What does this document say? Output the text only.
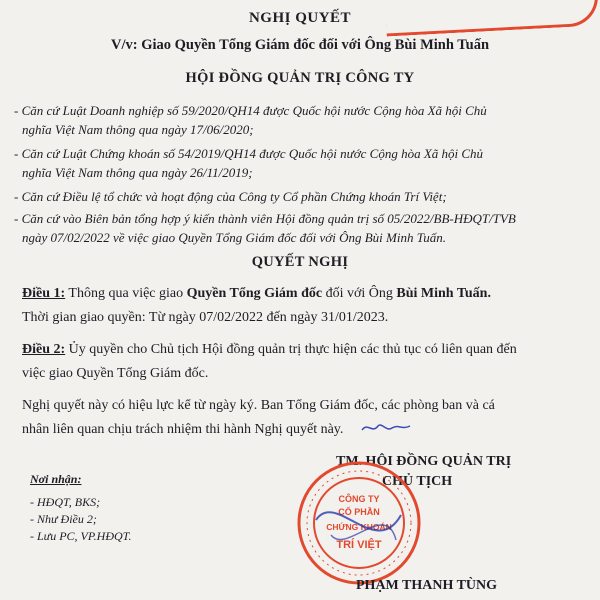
NGHỊ QUYẾT
V/v: Giao Quyền Tổng Giám đốc đối với Ông Bùi Minh Tuấn
HỘI ĐỒNG QUẢN TRỊ CÔNG TY
- Căn cứ Luật Doanh nghiệp số 59/2020/QH14 được Quốc hội nước Cộng hòa Xã hội Chủ
nghĩa Việt Nam thông qua ngày 17/06/2020;
- Căn cứ Luật Chứng khoán số 54/2019/QH14 được Quốc hội nước Cộng hòa Xã hội Chủ
nghĩa Việt Nam thông qua ngày 26/11/2019;
- Căn cứ Điều lệ tổ chức và hoạt động của Công ty Cổ phần Chứng khoán Trí Việt;
- Căn cứ vào Biên bản tổng hợp ý kiến thành viên Hội đồng quản trị số 05/2022/BB-HĐQT/TVB
ngày 07/02/2022 về việc giao Quyền Tổng Giám đốc đối với Ông Bùi Minh Tuấn.
QUYẾT NGHỊ
Điều 1: Thông qua việc giao Quyền Tổng Giám đốc đối với Ông Bùi Minh Tuấn.
Thời gian giao quyền: Từ ngày 07/02/2022 đến ngày 31/01/2023.
Điều 2: Ủy quyền cho Chủ tịch Hội đồng quản trị thực hiện các thủ tục có liên quan đến
việc giao Quyền Tổng Giám đốc.
Nghị quyết này có hiệu lực kể từ ngày ký. Ban Tổng Giám đốc, các phòng ban và cá
nhân liên quan chịu trách nhiệm thi hành Nghị quyết này.
Nơi nhận:
- HĐQT, BKS;
- Như Điều 2;
- Lưu PC, VP.HĐQT.
TM. HỘI ĐỒNG QUẢN TRỊ
CHỦ TỊCH
CÔNG TY
CỔ PHẦN
CHỨNG KHOÁN
TRÍ VIỆT
PHẠM THANH TÙNG
